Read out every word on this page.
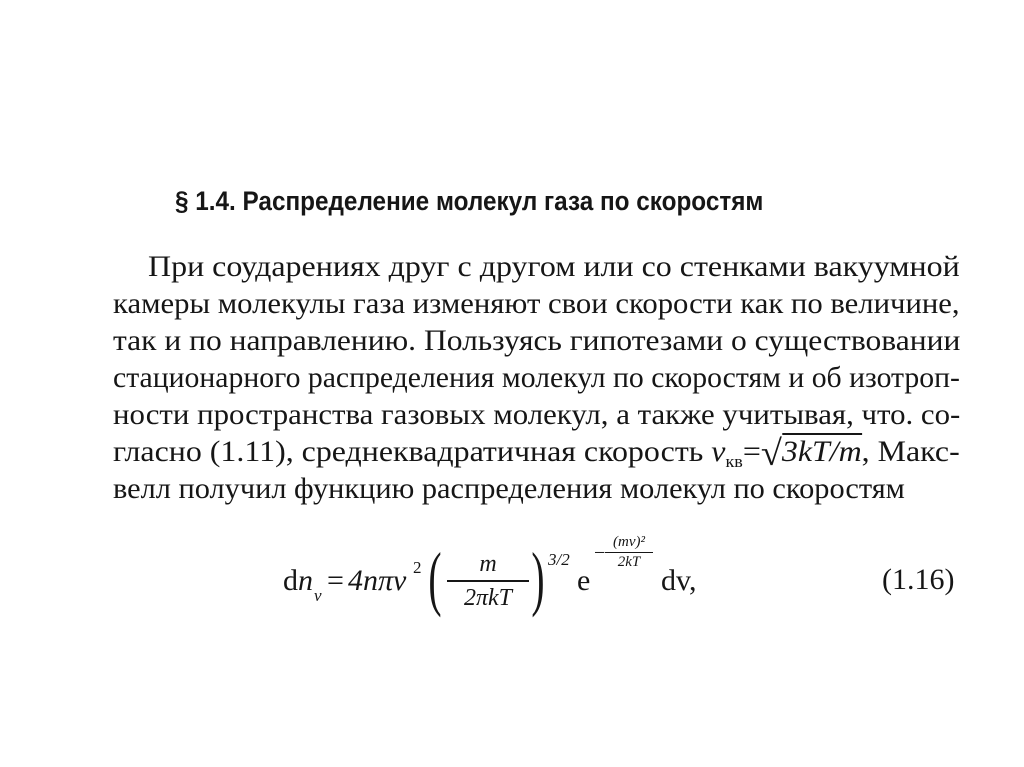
§ 1.4. Распределение молекул газа по скоростям
При соударениях друг с другом или со стенками вакуумной
камеры молекулы газа изменяют свои скорости как по величине,
так и по направлению. Пользуясь гипотезами о существовании
стационарного распределения молекул по скоростям и об изотроп-
ности пространства газовых молекул, а также учитывая, что. со-
гласно (1.11), среднеквадратичная скорость $v_{кв}=√3kT/m$, Макс-
велл получил функцию распределения молекул по скоростям
d n v = 4nπv 2 (	m
2πkT ) 3/2
e
− (mv)²
2kT
dv,	(1.16)
